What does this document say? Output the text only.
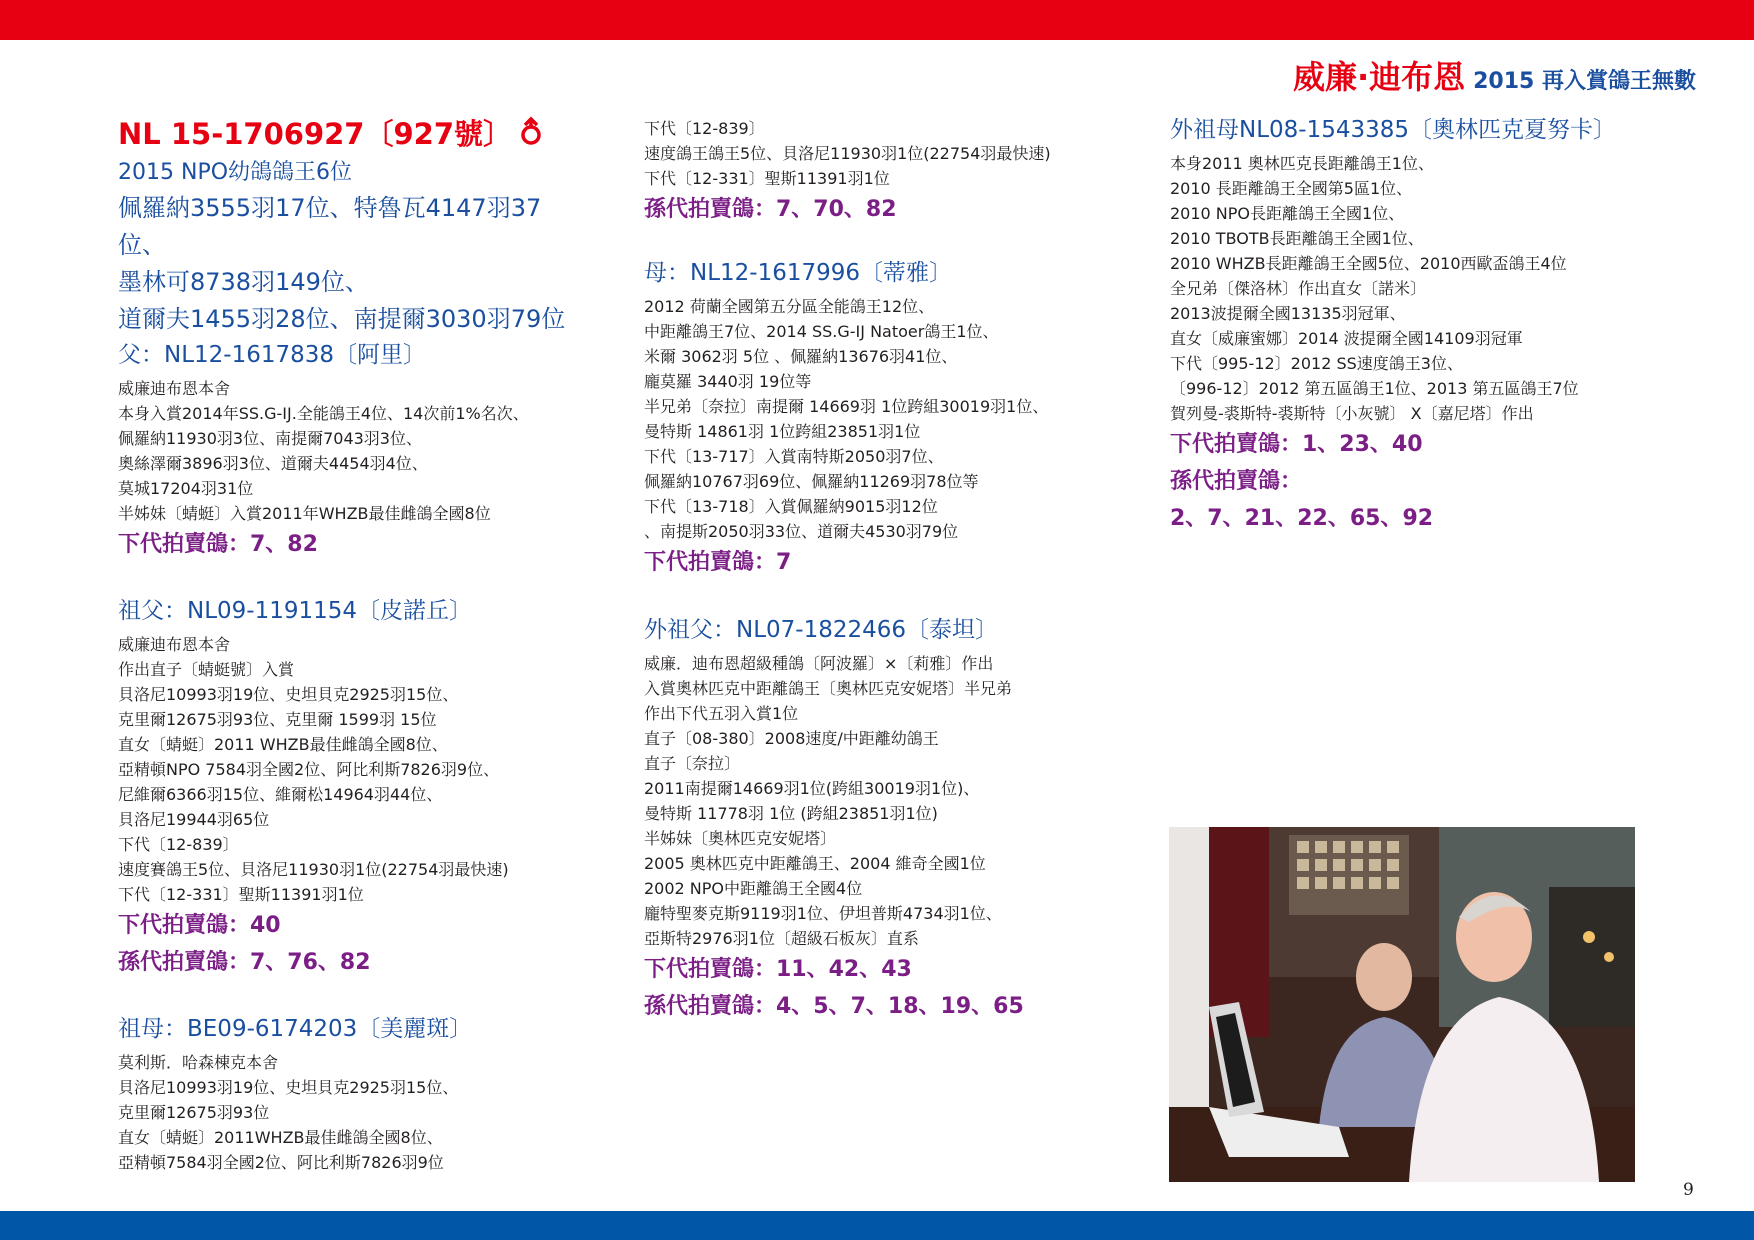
威廉·迪布恩 2015 再入賞鴿王無數
NL 15-1706927〔927號〕
2015 NPO幼鴿鴿王6位
佩羅納3555羽17位、特魯瓦4147羽37位、
墨林可8738羽149位、
道爾夫1455羽28位、南提爾3030羽79位
父：NL12-1617838〔阿里〕
威廉迪布恩本舍
本身入賞2014年SS.G-IJ.全能鴿王4位、14次前1%名次、
佩羅納11930羽3位、南提爾7043羽3位、
奧絲澤爾3896羽3位、道爾夫4454羽4位、
莫城17204羽31位
半姊妹〔蜻蜓〕入賞2011年WHZB最佳雌鴿全國8位
下代拍賣鴿：7、82
祖父：NL09-1191154〔皮諾丘〕
威廉迪布恩本舍
作出直子〔蜻蜓號〕入賞
貝洛尼10993羽19位、史坦貝克2925羽15位、
克里爾12675羽93位、克里爾 1599羽 15位
直女〔蜻蜓〕2011 WHZB最佳雌鴿全國8位、
亞精頓NPO 7584羽全國2位、阿比利斯7826羽9位、
尼維爾6366羽15位、維爾松14964羽44位、
貝洛尼19944羽65位
下代〔12-839〕
速度賽鴿王5位、貝洛尼11930羽1位(22754羽最快速)
下代〔12-331〕聖斯11391羽1位
下代拍賣鴿：40
孫代拍賣鴿：7、76、82
祖母：BE09-6174203〔美麗斑〕
莫利斯．哈森棟克本舍
貝洛尼10993羽19位、史坦貝克2925羽15位、
克里爾12675羽93位
直女〔蜻蜓〕2011WHZB最佳雌鴿全國8位、
亞精頓7584羽全國2位、阿比利斯7826羽9位
下代〔12-839〕
速度鴿王鴿王5位、貝洛尼11930羽1位(22754羽最快速)
下代〔12-331〕聖斯11391羽1位
孫代拍賣鴿：7、70、82
母：NL12-1617996〔蒂雅〕
2012 荷蘭全國第五分區全能鴿王12位、
中距離鴿王7位、2014 SS.G-IJ Natoer鴿王1位、
米爾 3062羽 5位 、佩羅納13676羽41位、
龐莫羅 3440羽 19位等
半兄弟〔奈拉〕南提爾 14669羽 1位跨組30019羽1位、
曼特斯 14861羽 1位跨組23851羽1位
下代〔13-717〕入賞南特斯2050羽7位、
佩羅納10767羽69位、佩羅納11269羽78位等
下代〔13-718〕入賞佩羅納9015羽12位
、南提斯2050羽33位、道爾夫4530羽79位
下代拍賣鴿：7
外祖父：NL07-1822466〔泰坦〕
威廉．迪布恩超級種鴿〔阿波羅〕×〔莉雅〕作出
入賞奧林匹克中距離鴿王〔奧林匹克安妮塔〕半兄弟
作出下代五羽入賞1位
直子〔08-380〕2008速度/中距離幼鴿王
直子〔奈拉〕
2011南提爾14669羽1位(跨組30019羽1位)、
曼特斯 11778羽 1位 (跨組23851羽1位)
半姊妹〔奧林匹克安妮塔〕
2005 奧林匹克中距離鴿王、2004 維奇全國1位
2002 NPO中距離鴿王全國4位
龐特聖麥克斯9119羽1位、伊坦普斯4734羽1位、
亞斯特2976羽1位〔超級石板灰〕直系
下代拍賣鴿：11、42、43
孫代拍賣鴿：4、5、7、18、19、65
外祖母NL08-1543385〔奧林匹克夏努卡〕
本身2011 奧林匹克長距離鴿王1位、
2010 長距離鴿王全國第5區1位、
2010 NPO長距離鴿王全國1位、
2010 TBOTB長距離鴿王全國1位、
2010 WHZB長距離鴿王全國5位、2010西歐盃鴿王4位
全兄弟〔傑洛林〕作出直女〔諾米〕
2013波提爾全國13135羽冠軍、
直女〔威廉蜜娜〕2014 波提爾全國14109羽冠軍
下代〔995-12〕2012 SS速度鴿王3位、
〔996-12〕2012 第五區鴿王1位、2013 第五區鴿王7位
賀列曼-裘斯特-裘斯特〔小灰號〕 X〔嘉尼塔〕作出
下代拍賣鴿：1、23、40
孫代拍賣鴿：
2、7、21、22、65、92
9
